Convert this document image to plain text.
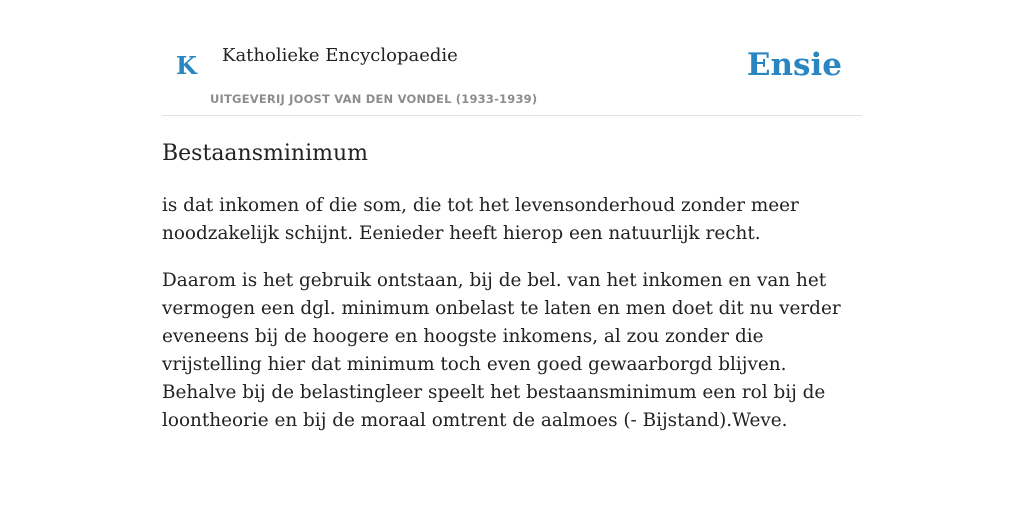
K Katholieke Encyclopaedie
UITGEVERIJ JOOST VAN DEN VONDEL (1933-1939)
Ensie
Bestaansminimum

is dat inkomen of die som, die tot het levensonderhoud zonder meer noodzakelijk schijnt. Eenieder heeft hierop een natuurlijk recht.

Daarom is het gebruik ontstaan, bij de bel. van het inkomen en van het vermogen een dgl. minimum onbelast te laten en men doet dit nu verder eveneens bij de hoogere en hoogste inkomens, al zou zonder die vrijstelling hier dat minimum toch even goed gewaarborgd blijven. Behalve bij de belastingleer speelt het bestaansminimum een rol bij de loontheorie en bij de moraal omtrent de aalmoes (- Bijstand).Weve.
